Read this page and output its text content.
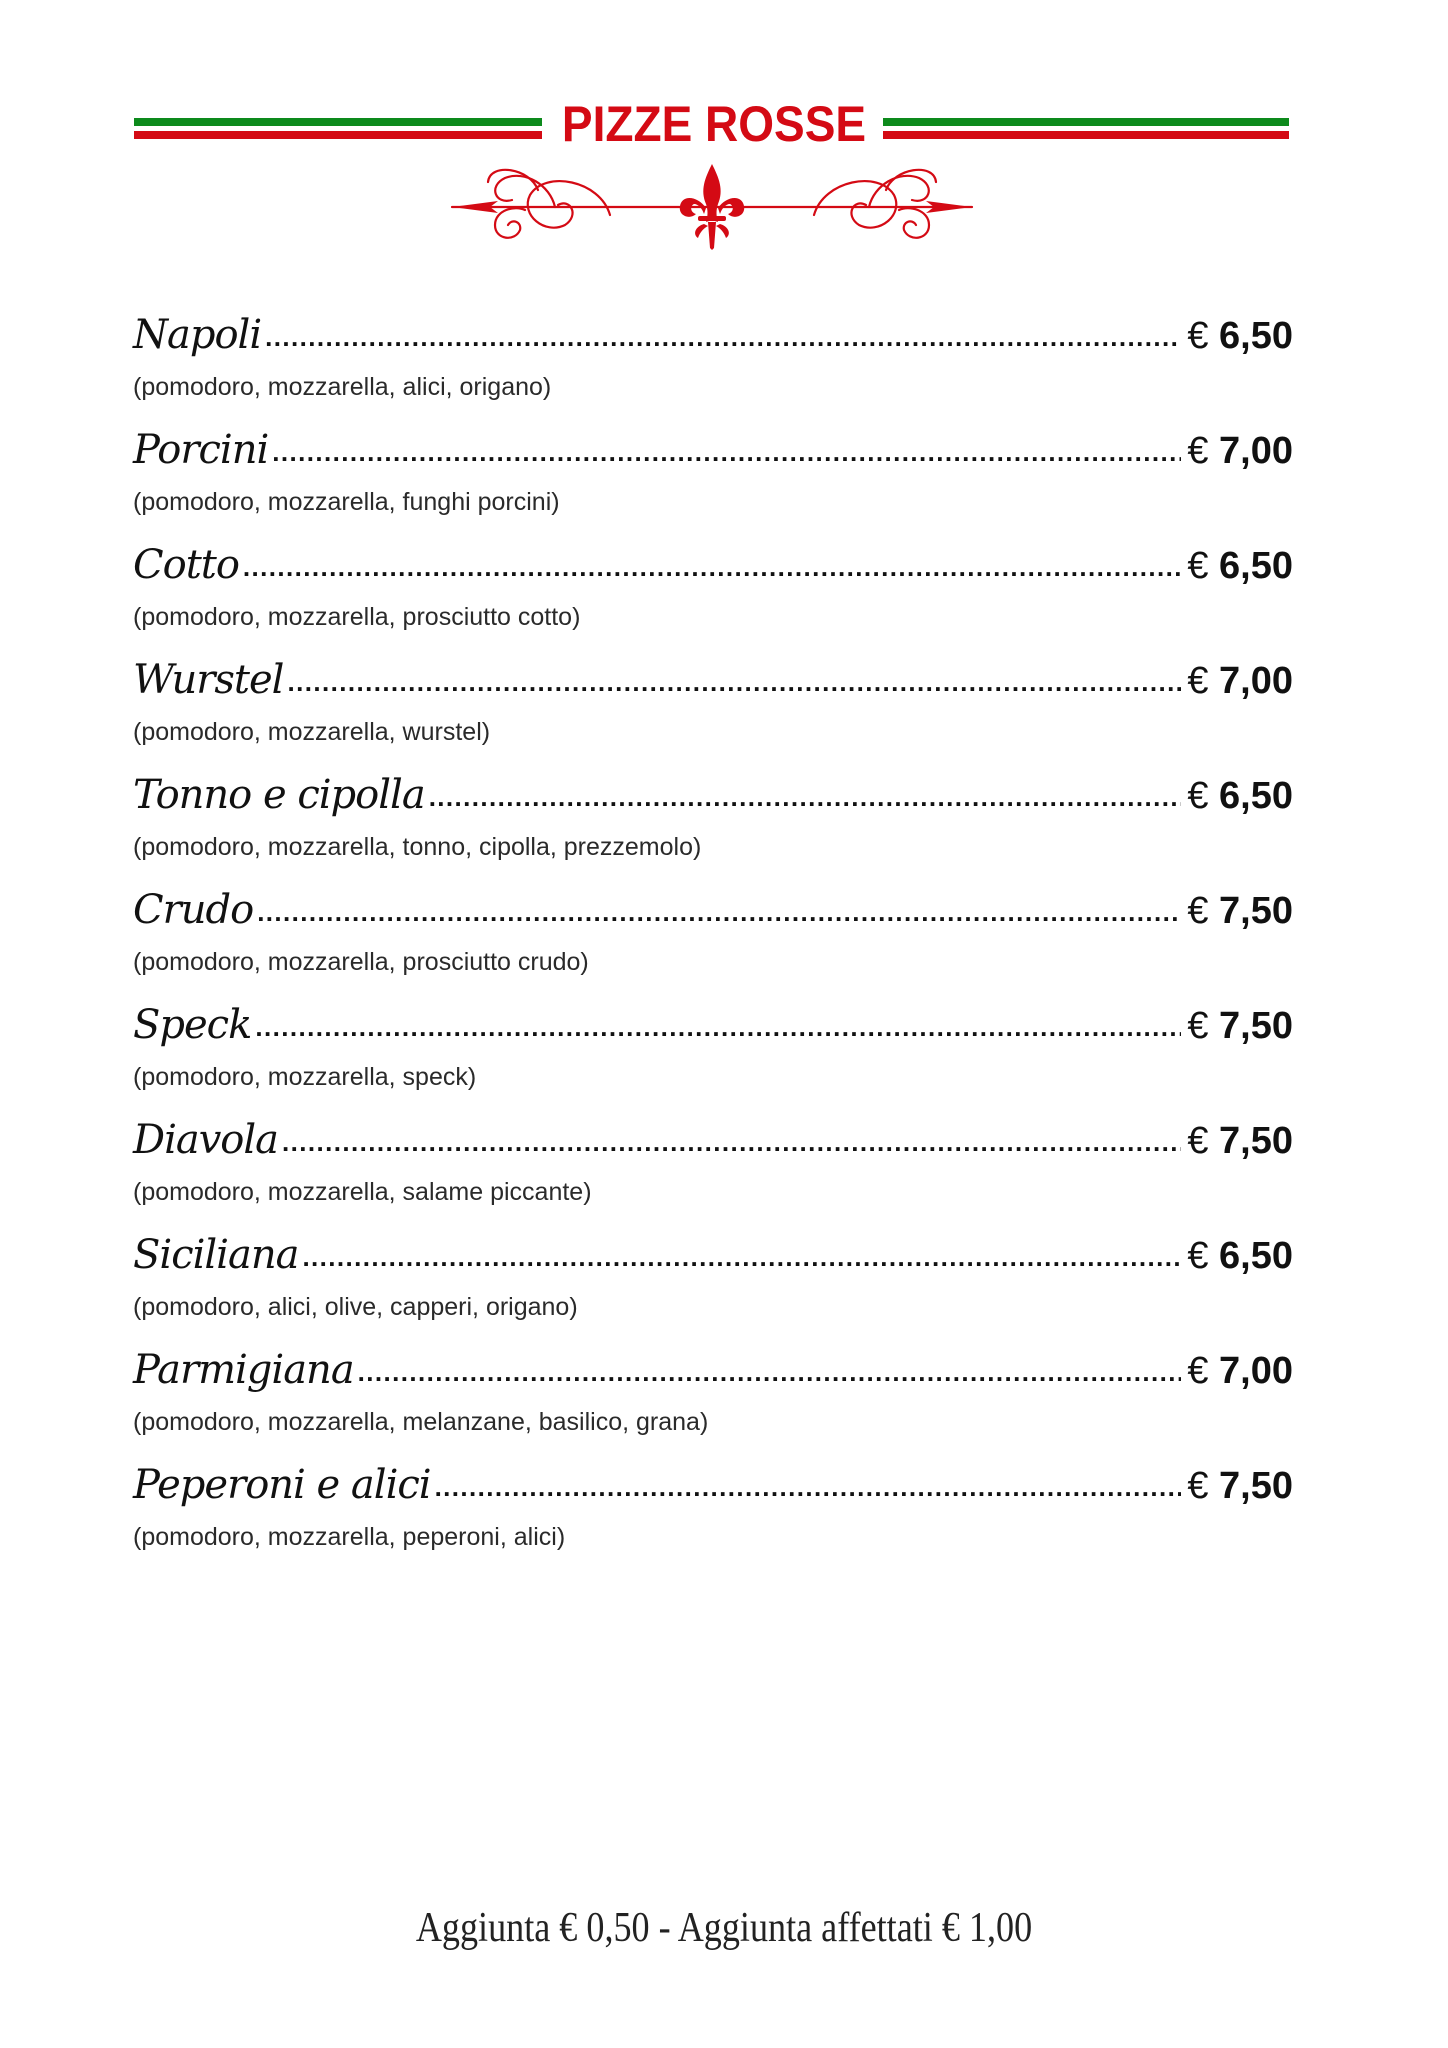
PIZZE ROSSE
Napoli .....	€ 6,50
(pomodoro, mozzarella, alici, origano)
Porcini .....	€ 7,00
(pomodoro, mozzarella, funghi porcini)
Cotto .....	€ 6,50
(pomodoro, mozzarella, prosciutto cotto)
Wurstel .....	€ 7,00
(pomodoro, mozzarella, wurstel)
Tonno e cipolla .....	€ 6,50
(pomodoro, mozzarella, tonno, cipolla, prezzemolo)
Crudo .....	€ 7,50
(pomodoro, mozzarella, prosciutto crudo)
Speck .....	€ 7,50
(pomodoro, mozzarella, speck)
Diavola .....	€ 7,50
(pomodoro, mozzarella, salame piccante)
Siciliana .....	€ 6,50
(pomodoro, alici, olive, capperi, origano)
Parmigiana .....	€ 7,00
(pomodoro, mozzarella, melanzane, basilico, grana)
Peperoni e alici .....	€ 7,50
(pomodoro, mozzarella, peperoni, alici)
Aggiunta € 0,50 - Aggiunta affettati € 1,00
